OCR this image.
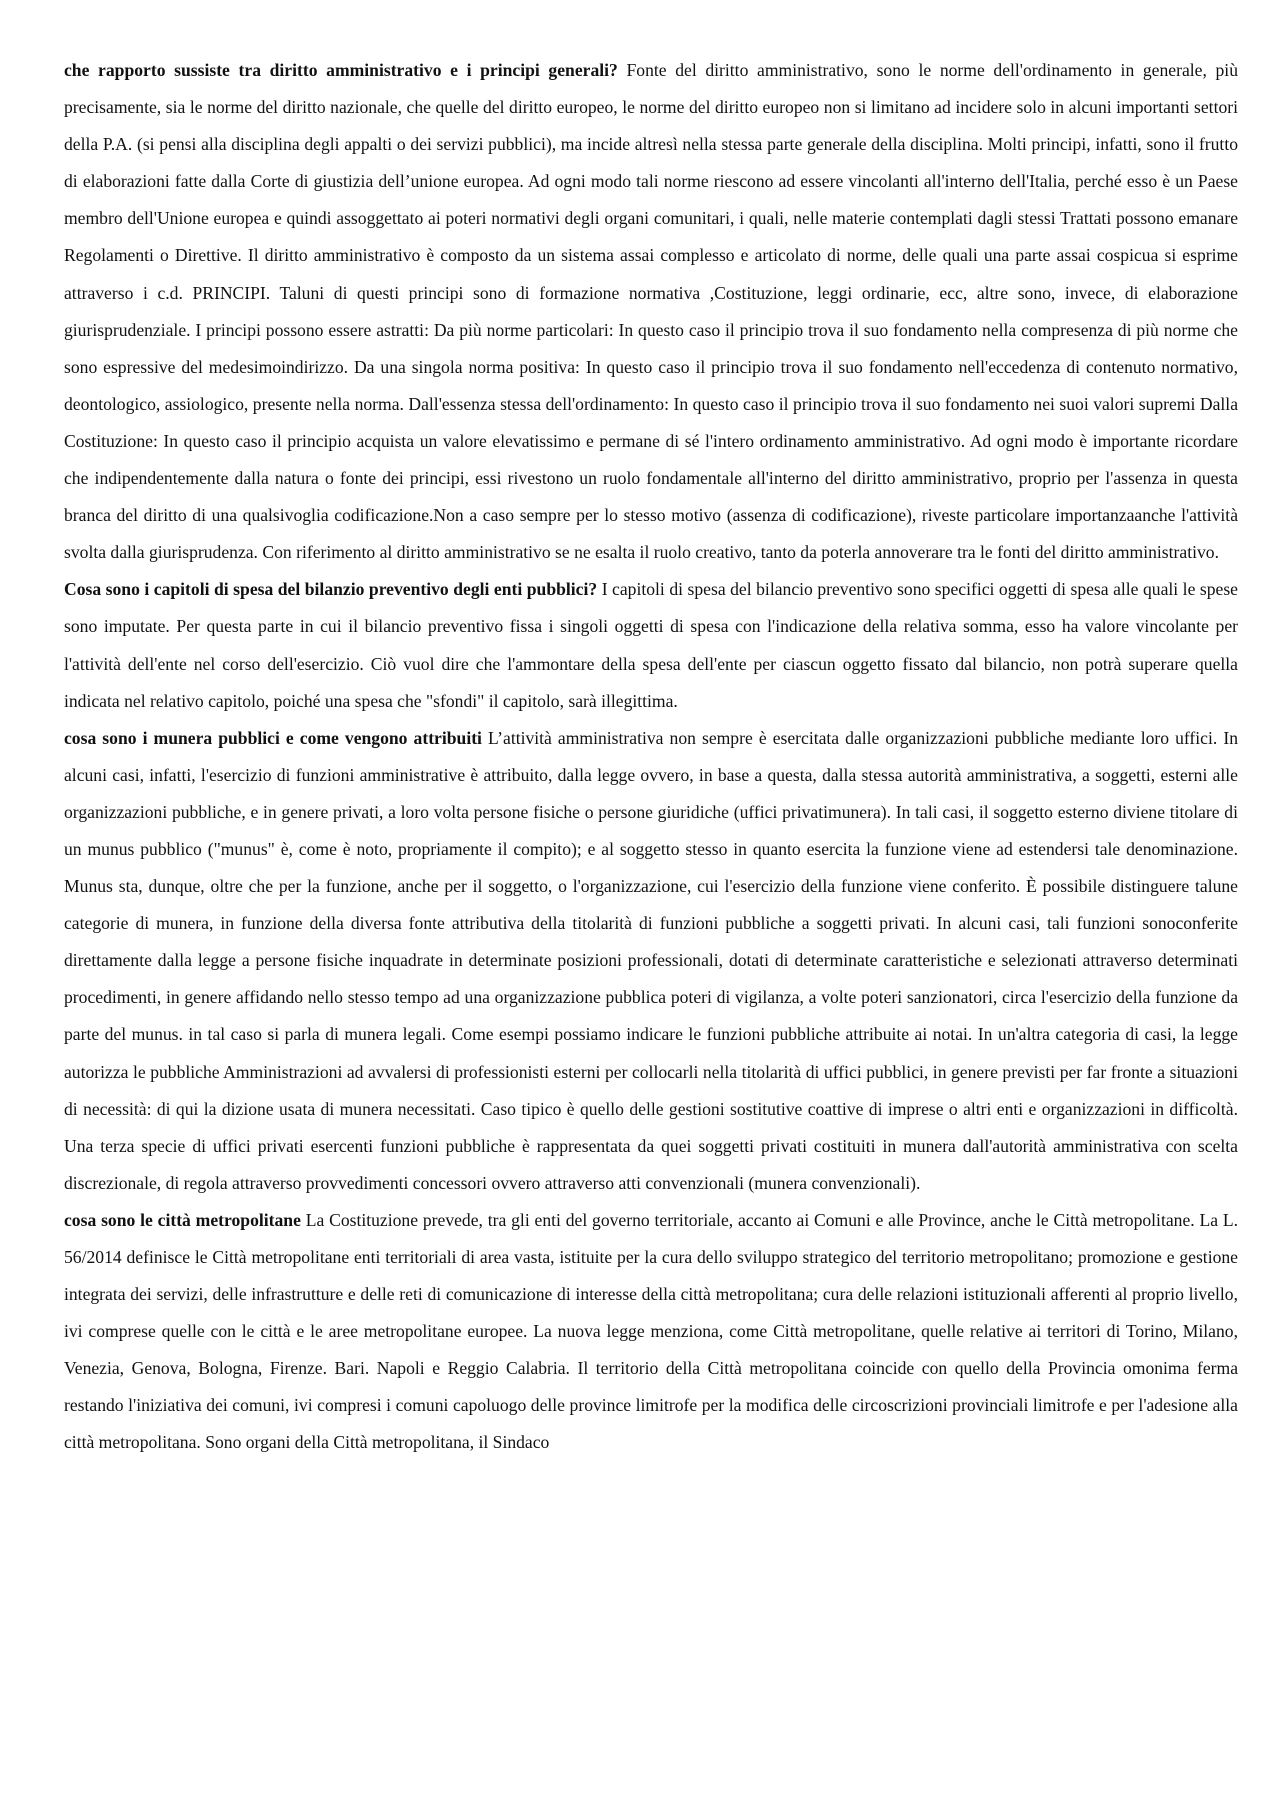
che rapporto sussiste tra diritto amministrativo e i principi generali? Fonte del diritto amministrativo, sono le norme dell'ordinamento in generale, più precisamente, sia le norme del diritto nazionale, che quelle del diritto europeo, le norme del diritto europeo non si limitano ad incidere solo in alcuni importanti settori della P.A. (si pensi alla disciplina degli appalti o dei servizi pubblici), ma incide altresì nella stessa parte generale della disciplina. Molti principi, infatti, sono il frutto di elaborazioni fatte dalla Corte di giustizia dell’unione europea. Ad ogni modo tali norme riescono ad essere vincolanti all'interno dell'Italia, perché esso è un Paese membro dell'Unione europea e quindi assoggettato ai poteri normativi degli organi comunitari, i quali, nelle materie contemplati dagli stessi Trattati possono emanare Regolamenti o Direttive. Il diritto amministrativo è composto da un sistema assai complesso e articolato di norme, delle quali una parte assai cospicua si esprime attraverso i c.d. PRINCIPI. Taluni di questi principi sono di formazione normativa ,Costituzione, leggi ordinarie, ecc, altre sono, invece, di elaborazione giurisprudenziale. I principi possono essere astratti: Da più norme particolari: In questo caso il principio trova il suo fondamento nella compresenza di più norme che sono espressive del medesimoindirizzo. Da una singola norma positiva: In questo caso il principio trova il suo fondamento nell'eccedenza di contenuto normativo, deontologico, assiologico, presente nella norma. Dall'essenza stessa dell'ordinamento: In questo caso il principio trova il suo fondamento nei suoi valori supremi Dalla Costituzione: In questo caso il principio acquista un valore elevatissimo e permane di sé l'intero ordinamento amministrativo. Ad ogni modo è importante ricordare che indipendentemente dalla natura o fonte dei principi, essi rivestono un ruolo fondamentale all'interno del diritto amministrativo, proprio per l'assenza in questa branca del diritto di una qualsivoglia codificazione.Non a caso sempre per lo stesso motivo (assenza di codificazione), riveste particolare importanzaanche l'attività svolta dalla giurisprudenza. Con riferimento al diritto amministrativo se ne esalta il ruolo creativo, tanto da poterla annoverare tra le fonti del diritto amministrativo.

Cosa sono i capitoli di spesa del bilanzio preventivo degli enti pubblici? I capitoli di spesa del bilancio preventivo sono specifici oggetti di spesa alle quali le spese sono imputate. Per questa parte in cui il bilancio preventivo fissa i singoli oggetti di spesa con l'indicazione della relativa somma, esso ha valore vincolante per l'attività dell'ente nel corso dell'esercizio. Ciò vuol dire che l'ammontare della spesa dell'ente per ciascun oggetto fissato dal bilancio, non potrà superare quella indicata nel relativo capitolo, poiché una spesa che "sfondi" il capitolo, sarà illegittima.

cosa sono i munera pubblici e come vengono attribuiti L’attività amministrativa non sempre è esercitata dalle organizzazioni pubbliche mediante loro uffici. In alcuni casi, infatti, l'esercizio di funzioni amministrative è attribuito, dalla legge ovvero, in base a questa, dalla stessa autorità amministrativa, a soggetti, esterni alle organizzazioni pubbliche, e in genere privati, a loro volta persone fisiche o persone giuridiche (uffici privatimunera). In tali casi, il soggetto esterno diviene titolare di un munus pubblico ("munus" è, come è noto, propriamente il compito); e al soggetto stesso in quanto esercita la funzione viene ad estendersi tale denominazione. Munus sta, dunque, oltre che per la funzione, anche per il soggetto, o l'organizzazione, cui l'esercizio della funzione viene conferito. È possibile distinguere talune categorie di munera, in funzione della diversa fonte attributiva della titolarità di funzioni pubbliche a soggetti privati. In alcuni casi, tali funzioni sonoconferite direttamente dalla legge a persone fisiche inquadrate in determinate posizioni professionali, dotati di determinate caratteristiche e selezionati attraverso determinati procedimenti, in genere affidando nello stesso tempo ad una organizzazione pubblica poteri di vigilanza, a volte poteri sanzionatori, circa l'esercizio della funzione da parte del munus. in tal caso si parla di munera legali. Come esempi possiamo indicare le funzioni pubbliche attribuite ai notai. In un'altra categoria di casi, la legge autorizza le pubbliche Amministrazioni ad avvalersi di professionisti esterni per collocarli nella titolarità di uffici pubblici, in genere previsti per far fronte a situazioni di necessità: di qui la dizione usata di munera necessitati. Caso tipico è quello delle gestioni sostitutive coattive di imprese o altri enti e organizzazioni in difficoltà. Una terza specie di uffici privati esercenti funzioni pubbliche è rappresentata da quei soggetti privati costituiti in munera dall'autorità amministrativa con scelta discrezionale, di regola attraverso provvedimenti concessori ovvero attraverso atti convenzionali (munera convenzionali).

cosa sono le città metropolitane La Costituzione prevede, tra gli enti del governo territoriale, accanto ai Comuni e alle Province, anche le Città metropolitane. La L. 56/2014 definisce le Città metropolitane enti territoriali di area vasta, istituite per la cura dello sviluppo strategico del territorio metropolitano; promozione e gestione integrata dei servizi, delle infrastrutture e delle reti di comunicazione di interesse della città metropolitana; cura delle relazioni istituzionali afferenti al proprio livello, ivi comprese quelle con le città e le aree metropolitane europee. La nuova legge menziona, come Città metropolitane, quelle relative ai territori di Torino, Milano, Venezia, Genova, Bologna, Firenze. Bari. Napoli e Reggio Calabria. Il territorio della Città metropolitana coincide con quello della Provincia omonima ferma restando l'iniziativa dei comuni, ivi compresi i comuni capoluogo delle province limitrofe per la modifica delle circoscrizioni provinciali limitrofe e per l'adesione alla città metropolitana. Sono organi della Città metropolitana, il Sindaco
